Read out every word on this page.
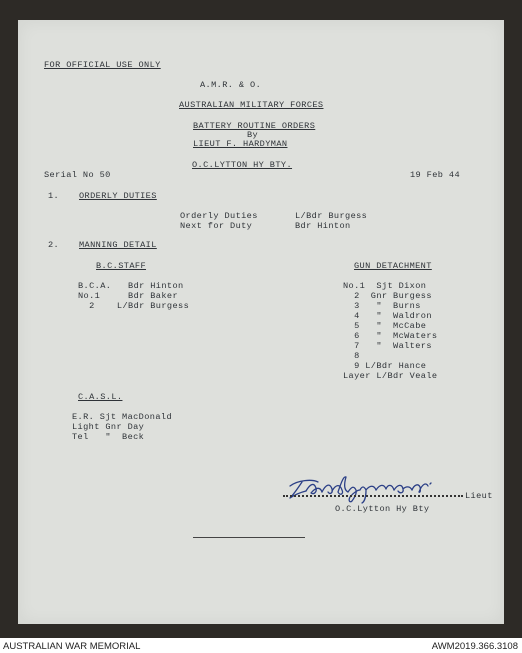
FOR OFFICIAL USE ONLY
A.M.R. & O.
AUSTRALIAN MILITARY FORCES
BATTERY ROUTINE ORDERS
By
LIEUT F. HARDYMAN
O.C.LYTTON HY BTY.
Serial No 50	19 Feb 44
1. ORDERLY DUTIES
Orderly Duties	L/Bdr Burgess
Next for Duty	Bdr Hinton
2. MANNING DETAIL
B.C.STAFF
B.C.A.   Bdr Hinton
No.1     Bdr Baker
2    L/Bdr Burgess
GUN DETACHMENT
No.1  Sjt Dixon
2  Gnr Burgess
3   "  Burns
4   "  Waldron
5   "  McCabe
6   "  McWaters
7   "  Walters
8
9 L/Bdr Hance
Layer L/Bdr Veale
C.A.S.L.
E.R. Sjt MacDonald
Light Gnr Day
Tel   "  Beck
Lieut
O.C.Lytton Hy Bty
AUSTRALIAN WAR MEMORIAL	AWM2019.366.3108
